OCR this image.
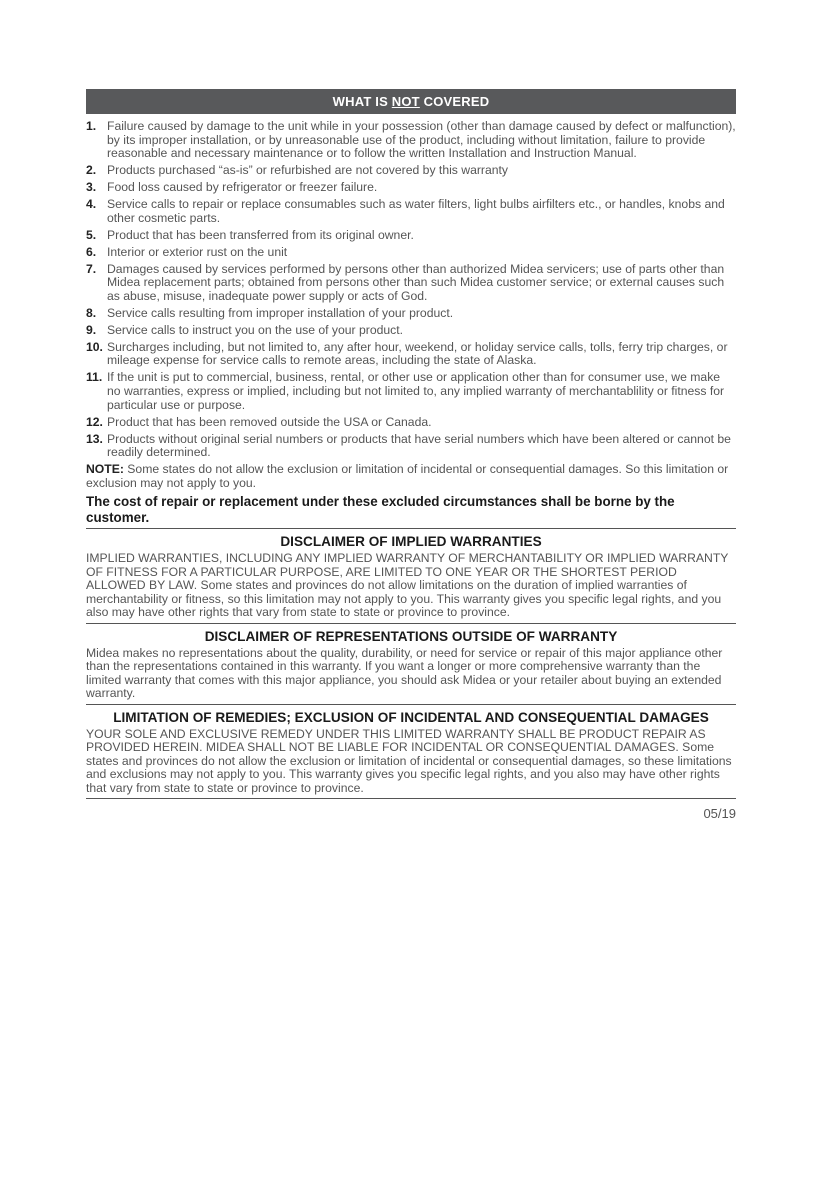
WHAT IS NOT COVERED
1. Failure caused by damage to the unit while in your possession (other than damage caused by defect or malfunction), by its improper installation, or by unreasonable use of the product, including without limitation, failure to provide reasonable and necessary maintenance or to follow the written Installation and Instruction Manual.
2. Products purchased “as-is” or refurbished are not covered by this warranty
3. Food loss caused by refrigerator or freezer failure.
4. Service calls to repair or replace consumables such as water filters, light bulbs airfilters etc., or handles, knobs and other cosmetic parts.
5. Product that has been transferred from its original owner.
6. Interior or exterior rust on the unit
7. Damages caused by services performed by persons other than authorized Midea servicers; use of parts other than Midea replacement parts; obtained from persons other than such Midea customer service; or external causes such as abuse, misuse, inadequate power supply or acts of God.
8. Service calls resulting from improper installation of your product.
9. Service calls to instruct you on the use of your product.
10. Surcharges including, but not limited to, any after hour, weekend, or holiday service calls, tolls, ferry trip charges, or mileage expense for service calls to remote areas, including the state of Alaska.
11. If the unit is put to commercial, business, rental, or other use or application other than for consumer use, we make no warranties, express or implied, including but not limited to, any implied warranty of merchantablility or fitness for particular use or purpose.
12. Product that has been removed outside the USA or Canada.
13. Products without original serial numbers or products that have serial numbers which have been altered or cannot be readily determined.
NOTE: Some states do not allow the exclusion or limitation of incidental or consequential damages. So this limitation or exclusion may not apply to you.
The cost of repair or replacement under these excluded circumstances shall be borne by the customer.
DISCLAIMER OF IMPLIED WARRANTIES

IMPLIED WARRANTIES, INCLUDING ANY IMPLIED WARRANTY OF MERCHANTABILITY OR IMPLIED WARRANTY OF FITNESS FOR A PARTICULAR PURPOSE, ARE LIMITED TO ONE YEAR OR THE SHORTEST PERIOD ALLOWED BY LAW. Some states and provinces do not allow limitations on the duration of implied warranties of merchantability or fitness, so this limitation may not apply to you. This warranty gives you specific legal rights, and you also may have other rights that vary from state to state or province to province.

DISCLAIMER OF REPRESENTATIONS OUTSIDE OF WARRANTY

Midea makes no representations about the quality, durability, or need for service or repair of this major appliance other than the representations contained in this warranty. If you want a longer or more comprehensive warranty than the limited warranty that comes with this major appliance, you should ask Midea or your retailer about buying an extended warranty.

LIMITATION OF REMEDIES; EXCLUSION OF INCIDENTAL AND CONSEQUENTIAL DAMAGES

YOUR SOLE AND EXCLUSIVE REMEDY UNDER THIS LIMITED WARRANTY SHALL BE PRODUCT REPAIR AS PROVIDED HEREIN. MIDEA SHALL NOT BE LIABLE FOR INCIDENTAL OR CONSEQUENTIAL DAMAGES. Some states and provinces do not allow the exclusion or limitation of incidental or consequential damages, so these limitations and exclusions may not apply to you. This warranty gives you specific legal rights, and you also may have other rights that vary from state to state or province to province.

05/19
